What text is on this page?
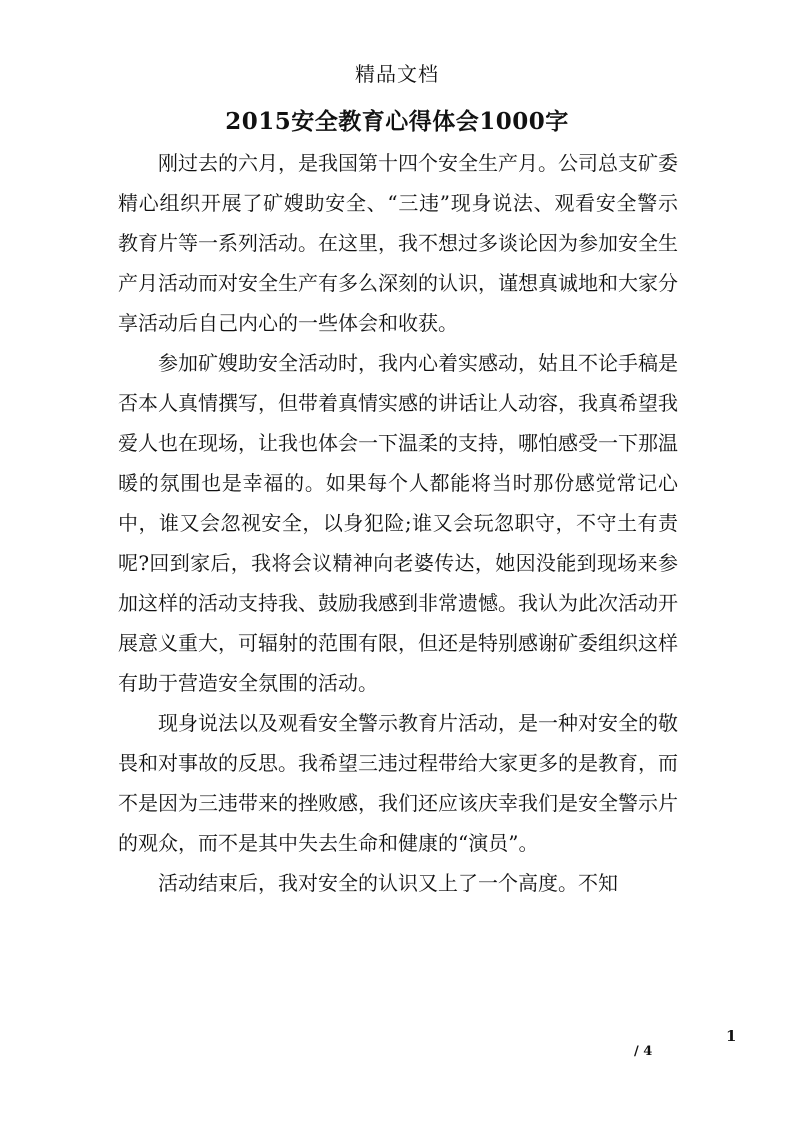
精品文档
2015安全教育心得体会1000字

刚过去的六月，是我国第十四个安全生产月。公司总支矿委精心组织开展了矿嫂助安全、“三违”现身说法、观看安全警示教育片等一系列活动。在这里，我不想过多谈论因为参加安全生产月活动而对安全生产有多么深刻的认识，谨想真诚地和大家分享活动后自己内心的一些体会和收获。

参加矿嫂助安全活动时，我内心着实感动，姑且不论手稿是否本人真情撰写，但带着真情实感的讲话让人动容，我真希望我爱人也在现场，让我也体会一下温柔的支持，哪怕感受一下那温暖的氛围也是幸福的。如果每个人都能将当时那份感觉常记心中，谁又会忽视安全，以身犯险;谁又会玩忽职守，不守土有责呢?回到家后，我将会议精神向老婆传达，她因没能到现场来参加这样的活动支持我、鼓励我感到非常遗憾。我认为此次活动开展意义重大，可辐射的范围有限，但还是特别感谢矿委组织这样有助于营造安全氛围的活动。

现身说法以及观看安全警示教育片活动，是一种对安全的敬畏和对事故的反思。我希望三违过程带给大家更多的是教育，而不是因为三违带来的挫败感，我们还应该庆幸我们是安全警示片的观众，而不是其中失去生命和健康的“演员”。

活动结束后，我对安全的认识又上了一个高度。不知

1
/ 4
